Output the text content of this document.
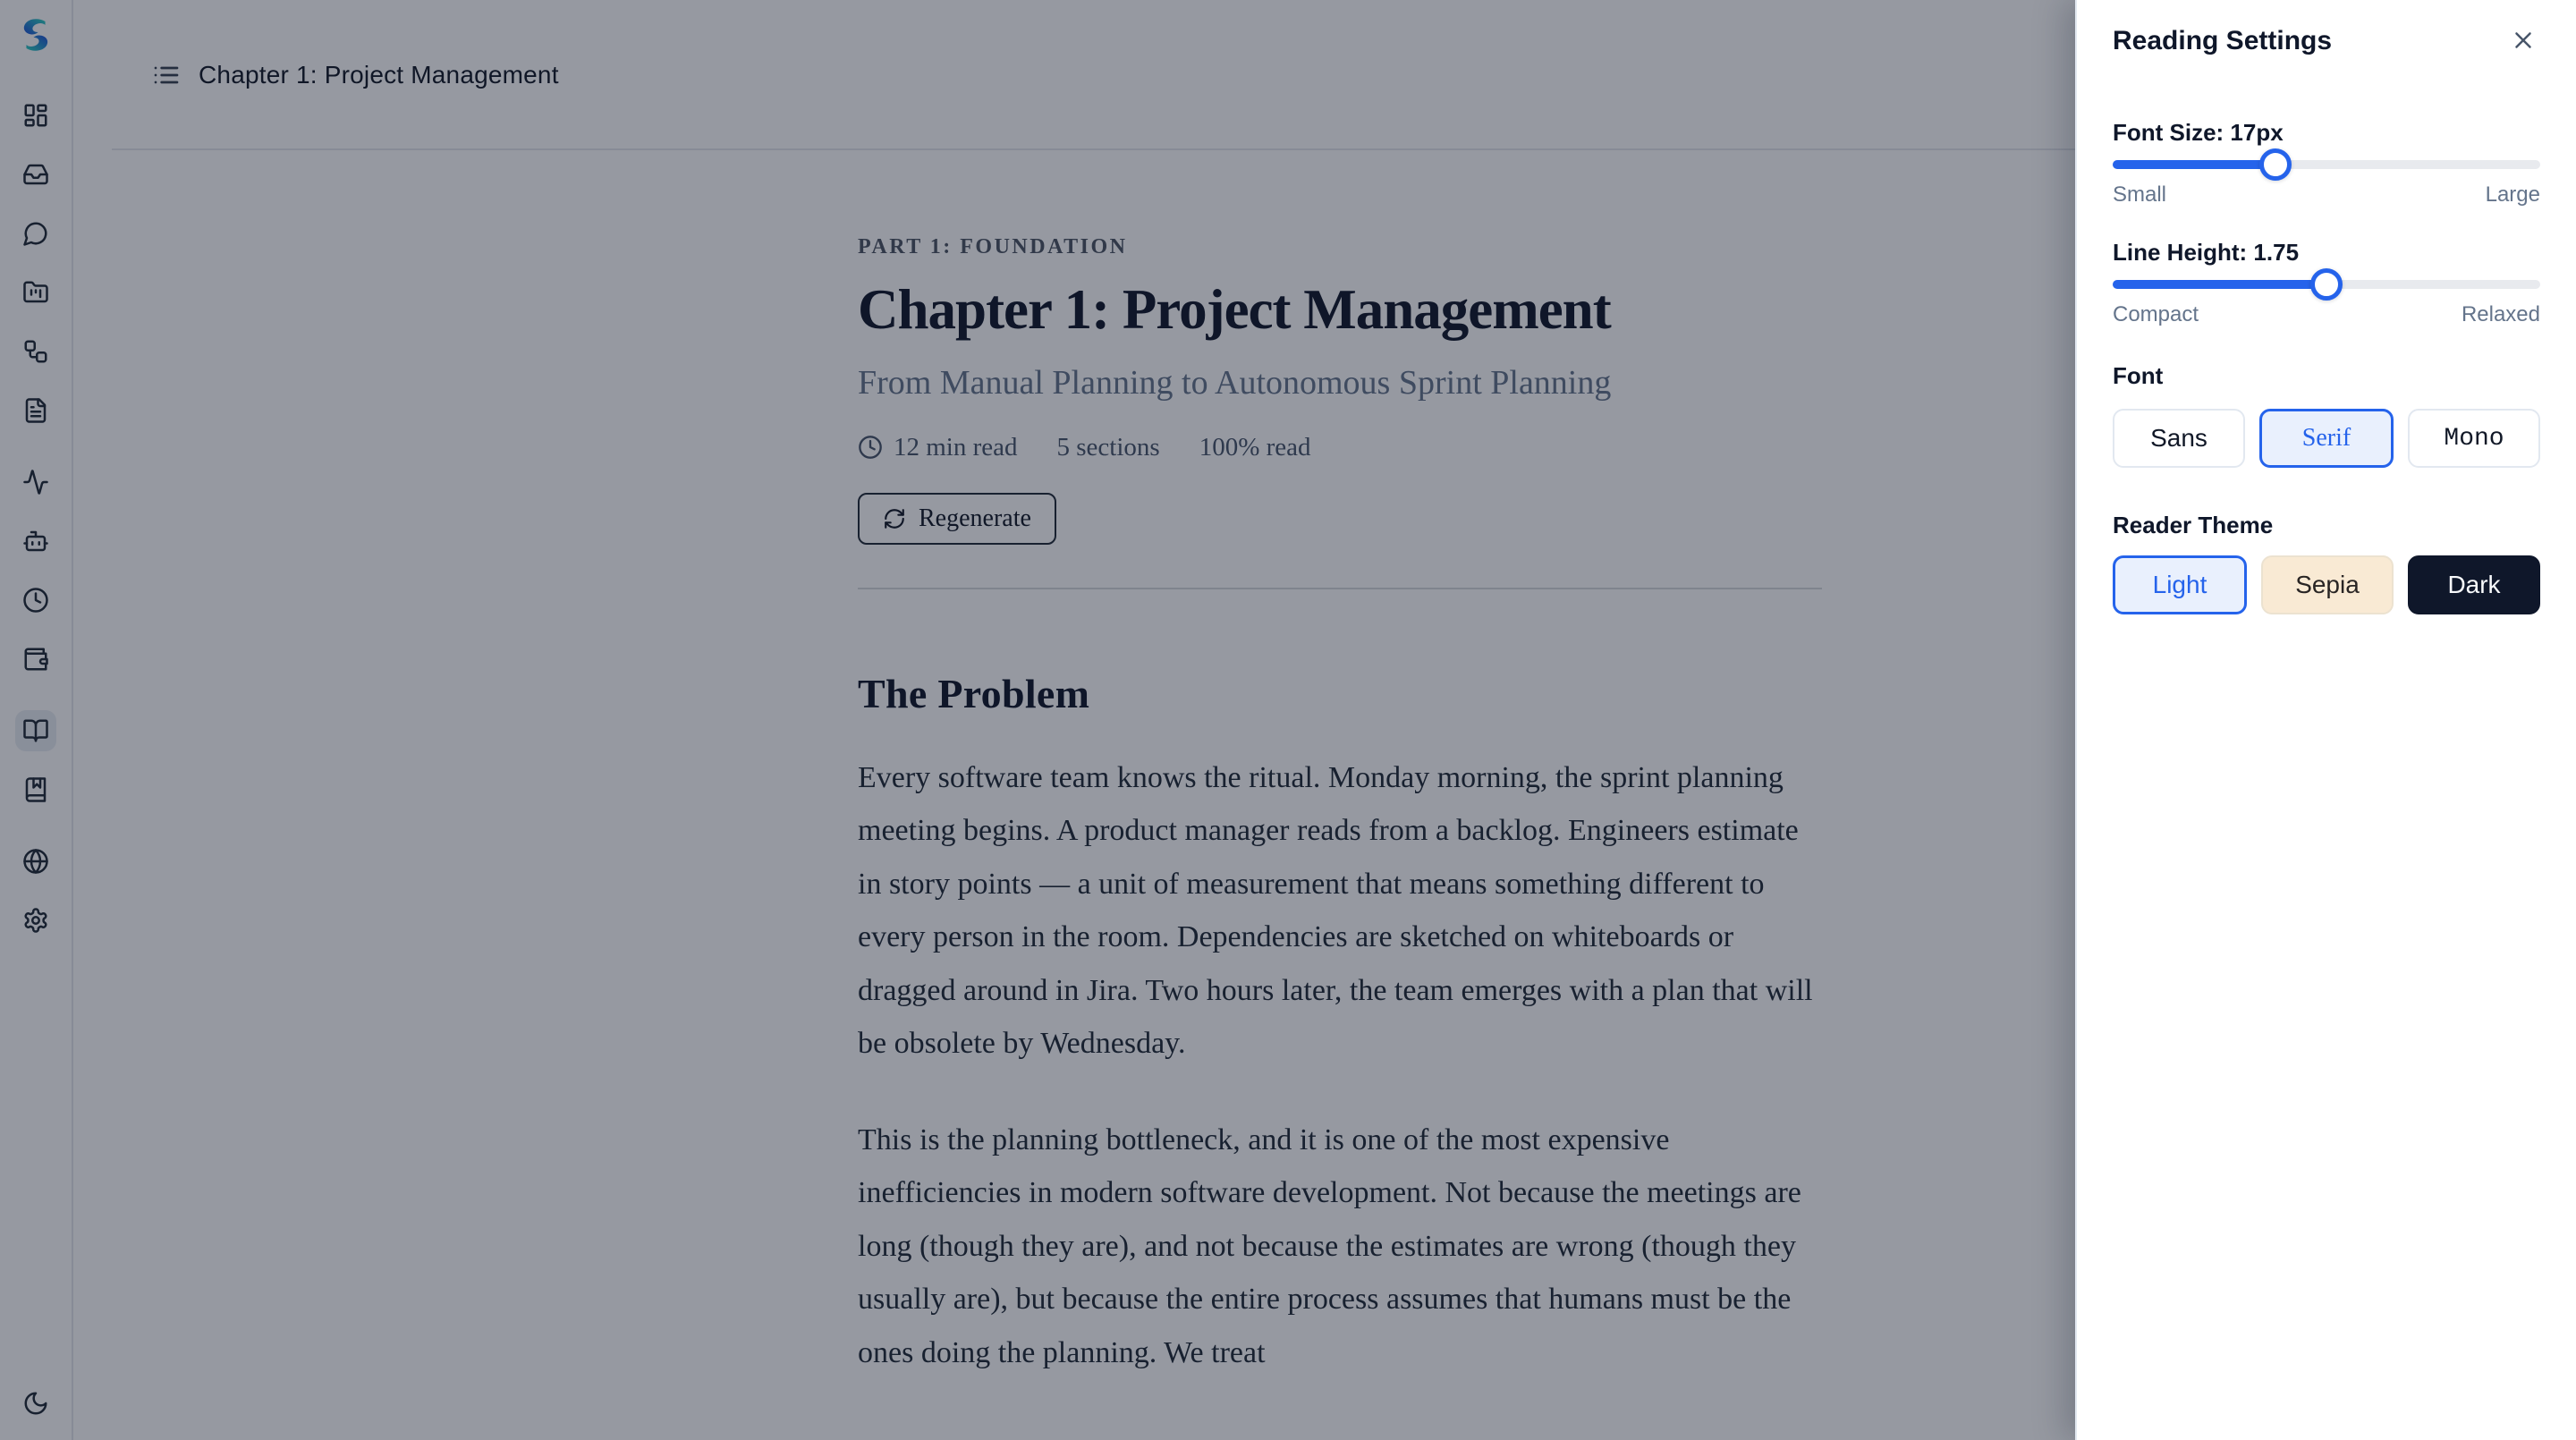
Chapter 1: Project Management
PART 1: FOUNDATION
Chapter 1: Project Management
From Manual Planning to Autonomous Sprint Planning
12 min read 5 sections 100% read
Regenerate
The Problem

Every software team knows the ritual. Monday morning, the sprint planning meeting begins. A product manager reads from a backlog. Engineers estimate in story points — a unit of measurement that means something different to every person in the room. Dependencies are sketched on whiteboards or dragged around in Jira. Two hours later, the team emerges with a plan that will be obsolete by Wednesday.

This is the planning bottleneck, and it is one of the most expensive inefficiencies in modern software development. Not because the meetings are long (though they are), and not because the estimates are wrong (though they usually are), but because the entire process assumes that humans must be the ones doing the planning. We treat

Reading Settings
Font Size: 17px
Small	Large
Line Height: 1.75
Compact	Relaxed
Font
Sans	Serif	Mono
Reader Theme
Light	Sepia	Dark
